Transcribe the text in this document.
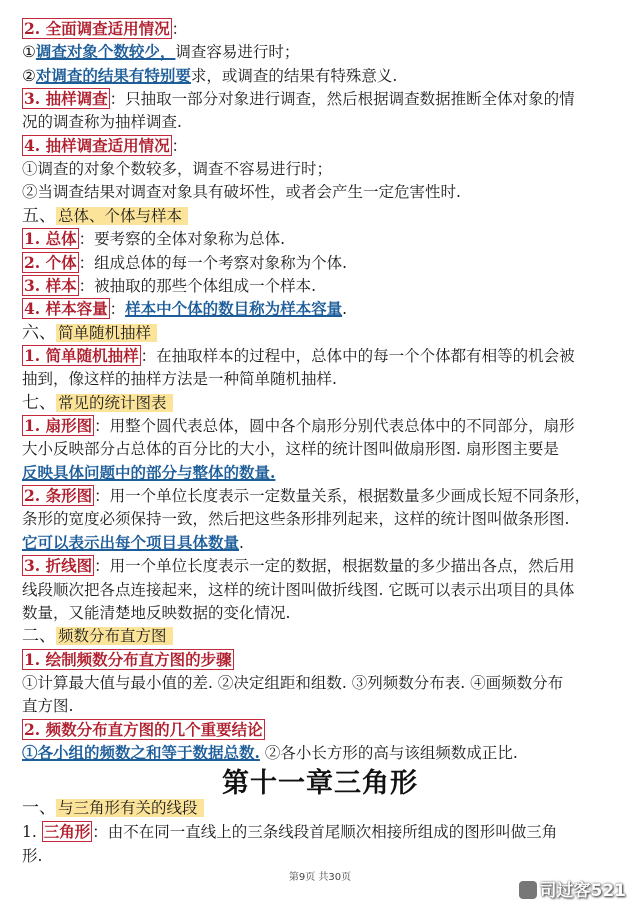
2. 全面调查适用情况 ：
①调查对象个数较少，调查容易进行时；
②对调查的结果有特别要求，或调查的结果有特殊意义.
3. 抽样调查 ：只抽取一部分对象进行调查，然后根据调查数据推断全体对象的情
况的调查称为抽样调查.
4. 抽样调查适用情况 ：
①调查的对象个数较多，调查不容易进行时；
②当调查结果对调查对象具有破坏性，或者会产生一定危害性时.
五、 总体、个体与样本
1. 总体 ：要考察的全体对象称为总体.
2. 个体 ：组成总体的每一个考察对象称为个体.
3. 样本 ：被抽取的那些个体组成一个样本.
4. 样本容量 ：样本中个体的数目称为样本容量.
六、 简单随机抽样
1. 简单随机抽样 ：在抽取样本的过程中，总体中的每一个个体都有相等的机会被
抽到，像这样的抽样方法是一种简单随机抽样.
七、 常见的统计图表
1. 扇形图 ：用整个圆代表总体，圆中各个扇形分别代表总体中的不同部分，扇形
大小反映部分占总体的百分比的大小，这样的统计图叫做扇形图. 扇形图主要是
反映具体问题中的部分与整体的数量.
2. 条形图 ：用一个单位长度表示一定数量关系，根据数量多少画成长短不同条形，
条形的宽度必须保持一致，然后把这些条形排列起来，这样的统计图叫做条形图.
它可以表示出每个项目具体数量.
3. 折线图 ：用一个单位长度表示一定的数据，根据数量的多少描出各点，然后用
线段顺次把各点连接起来，这样的统计图叫做折线图. 它既可以表示出项目的具体
数量，又能清楚地反映数据的变化情况.
二、 频数分布直方图
1. 绘制频数分布直方图的步骤
①计算最大值与最小值的差. ②决定组距和组数. ③列频数分布表. ④画频数分布
直方图.
2. 频数分布直方图的几个重要结论
①各小组的频数之和等于数据总数. ②各小长方形的高与该组频数成正比.
第十一章三角形
一、 与三角形有关的线段
1. 三角形 ：由不在同一直线上的三条线段首尾顺次相接所组成的图形叫做三角
形.
第9页 共30页
司过客521
